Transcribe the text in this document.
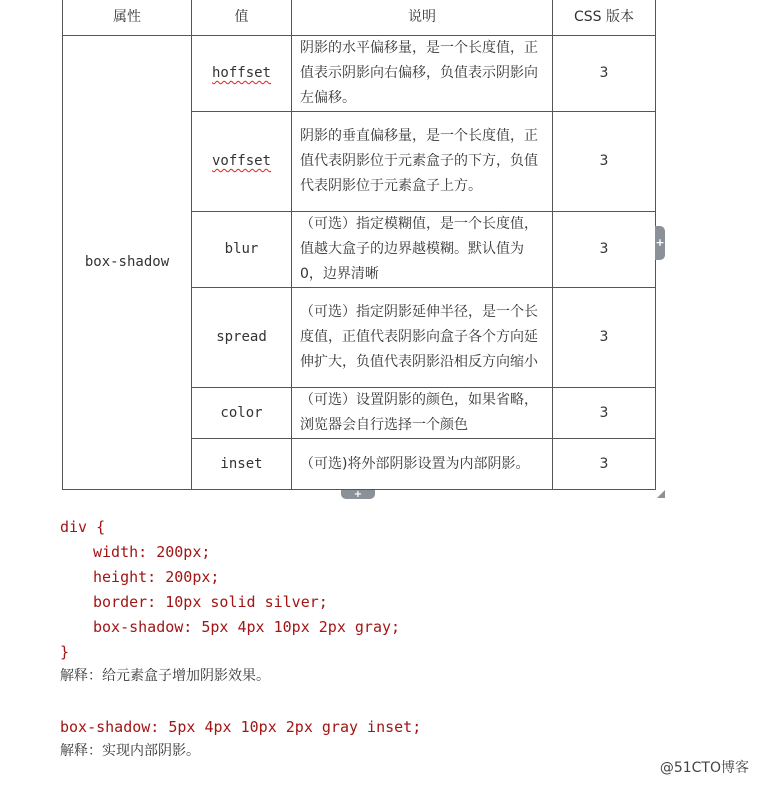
属性	值	说明	CSS 版本
box-shadow	hoffset	阴影的水平偏移量，是一个长度值，正值表示阴影向右偏移，负值表示阴影向左偏移。	3
	voffset	阴影的垂直偏移量，是一个长度值，正值代表阴影位于元素盒子的下方，负值代表阴影位于元素盒子上方。	3
	blur	（可选）指定模糊值，是一个长度值，值越大盒子的边界越模糊。默认值为 0，边界清晰	3
	spread	（可选）指定阴影延伸半径，是一个长度值，正值代表阴影向盒子各个方向延伸扩大，负值代表阴影沿相反方向缩小	3
	color	（可选）设置阴影的颜色，如果省略，浏览器会自行选择一个颜色	3
	inset	（可选)将外部阴影设置为内部阴影。	3
+
+
div {
width: 200px;
height: 200px;
border: 10px solid silver;
box-shadow: 5px 4px 10px 2px gray;
}
解释：给元素盒子增加阴影效果。
box-shadow: 5px 4px 10px 2px gray inset;
解释：实现内部阴影。
@51CTO博客
